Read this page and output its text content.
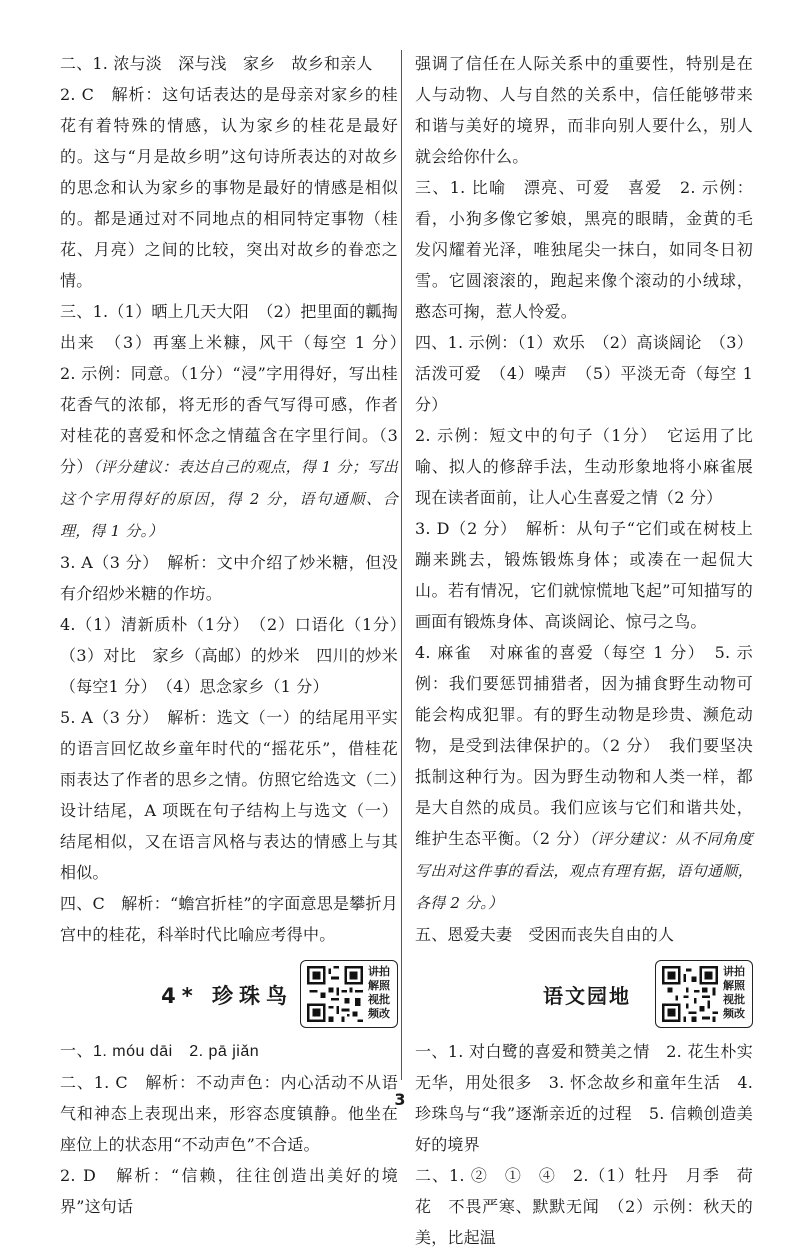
二、1. 浓与淡　深与浅　家乡　故乡和亲人

2. C　解析：这句话表达的是母亲对家乡的桂花有着特殊的情感，认为家乡的桂花是最好的。这与“月是故乡明”这句诗所表达的对故乡的思念和认为家乡的事物是最好的情感是相似的。都是通过对不同地点的相同特定事物（桂花、月亮）之间的比较，突出对故乡的眷恋之情。

三、1.（1）晒上几天大阳　（2）把里面的瓤掏出来　（3）再塞上米糠，风干（每空 1 分）　2. 示例：同意。（1分）“浸”字用得好，写出桂花香气的浓郁，将无形的香气写得可感，作者对桂花的喜爱和怀念之情蕴含在字里行间。（3 分）（评分建议：表达自己的观点，得 1 分；写出这个字用得好的原因，得 2 分，语句通顺、合理，得 1 分。）

3. A（3 分）　解析：文中介绍了炒米糖，但没有介绍炒米糖的作坊。

4.（1）清新质朴（1分）　（2）口语化（1分）　（3）对比　家乡（高邮）的炒米　四川的炒米（每空1 分）　（4）思念家乡（1 分）

5. A（3 分）　解析：选文（一）的结尾用平实的语言回忆故乡童年时代的“摇花乐”，借桂花雨表达了作者的思乡之情。仿照它给选文（二）设计结尾，A 项既在句子结构上与选文（一）结尾相似，又在语言风格与表达的情感上与其相似。

四、C　解析：“蟾宫折桂”的字面意思是攀折月宫中的桂花，科举时代比喻应考得中。

4* 珍珠鸟
讲拍解照视批频改

一、1. móu dāi　2. pā jiǎn

二、1. C　解析：不动声色：内心活动不从语气和神态上表现出来，形容态度镇静。他坐在座位上的状态用“不动声色”不合适。

2. D　解析：“信赖，往往创造出美好的境界”这句话

强调了信任在人际关系中的重要性，特别是在人与动物、人与自然的关系中，信任能够带来和谐与美好的境界，而非向别人要什么，别人就会给你什么。

三、1. 比喻　漂亮、可爱　喜爱　2. 示例：看，小狗多像它爹娘，黑亮的眼睛，金黄的毛发闪耀着光泽，唯独尾尖一抹白，如同冬日初雪。它圆滚滚的，跑起来像个滚动的小绒球，憨态可掬，惹人怜爱。

四、1. 示例：（1）欢乐　（2）高谈阔论　（3）活泼可爱　（4）噪声　（5）平淡无奇（每空 1 分）

2. 示例：短文中的句子（1分）　它运用了比喻、拟人的修辞手法，生动形象地将小麻雀展现在读者面前，让人心生喜爱之情（2 分）

3. D（2 分）　解析：从句子“它们或在树枝上蹦来跳去，锻炼锻炼身体；或凑在一起侃大山。若有情况，它们就惊慌地飞起”可知描写的画面有锻炼身体、高谈阔论、惊弓之鸟。

4. 麻雀　对麻雀的喜爱（每空 1 分）　5. 示例：我们要惩罚捕猎者，因为捕食野生动物可能会构成犯罪。有的野生动物是珍贵、濒危动物，是受到法律保护的。（2 分）　我们要坚决抵制这种行为。因为野生动物和人类一样，都是大自然的成员。我们应该与它们和谐共处，维护生态平衡。（2 分）（评分建议：从不同角度写出对这件事的看法，观点有理有据，语句通顺，各得 2 分。）

五、恩爱夫妻　受困而丧失自由的人

语文园地
讲拍解照视批频改

一、1. 对白鹭的喜爱和赞美之情　2. 花生朴实无华，用处很多　3. 怀念故乡和童年生活　4. 珍珠鸟与“我”逐渐亲近的过程　5. 信赖创造美好的境界

二、1. ②　①　④　2.（1）牡丹　月季　荷花　不畏严寒、默默无闻　（2）示例：秋天的美，比起温

3
